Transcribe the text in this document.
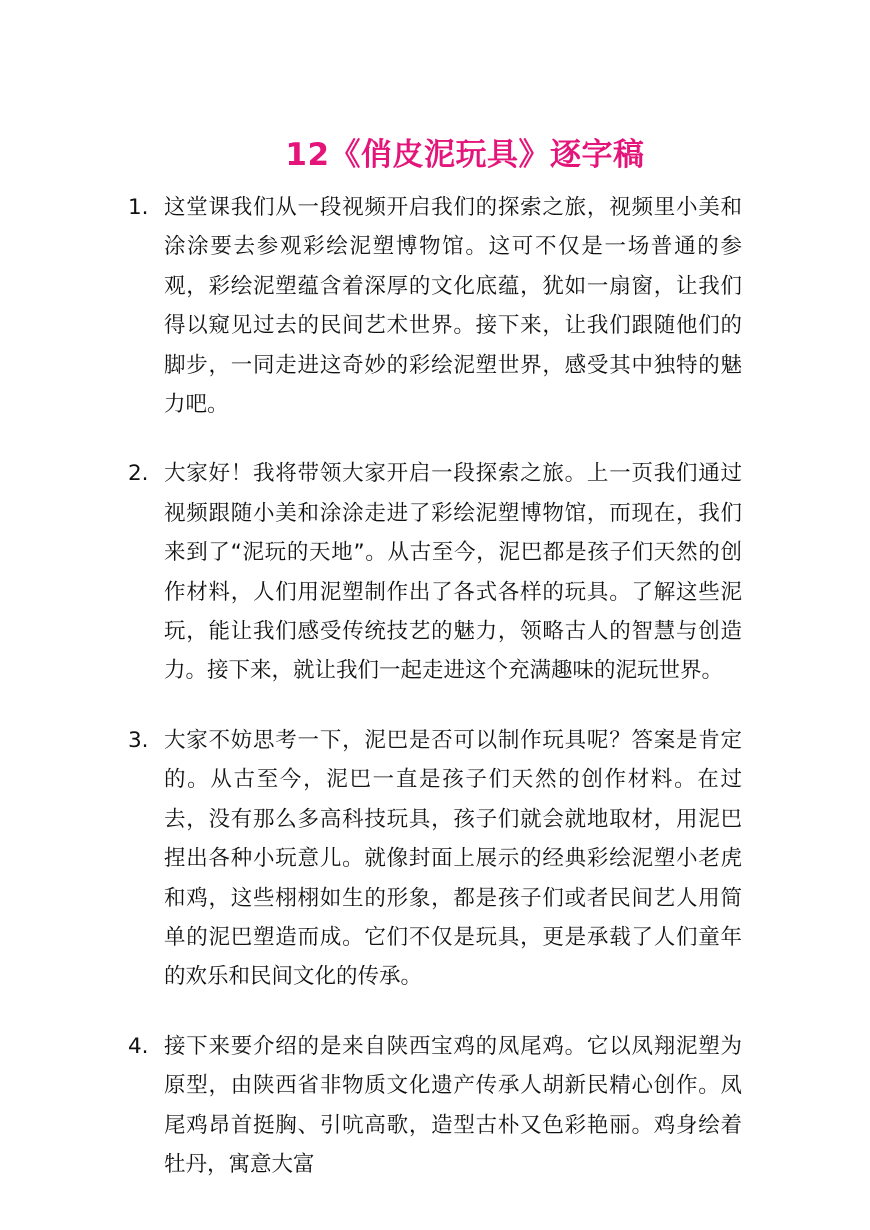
12《俏皮泥玩具》逐字稿
1. 这堂课我们从一段视频开启我们的探索之旅，视频里小美和涂涂要去参观彩绘泥塑博物馆。这可不仅是一场普通的参观，彩绘泥塑蕴含着深厚的文化底蕴，犹如一扇窗，让我们得以窥见过去的民间艺术世界。接下来，让我们跟随他们的脚步，一同走进这奇妙的彩绘泥塑世界，感受其中独特的魅力吧。
2. 大家好！我将带领大家开启一段探索之旅。上一页我们通过视频跟随小美和涂涂走进了彩绘泥塑博物馆，而现在，我们来到了“泥玩的天地”。从古至今，泥巴都是孩子们天然的创作材料，人们用泥塑制作出了各式各样的玩具。了解这些泥玩，能让我们感受传统技艺的魅力，领略古人的智慧与创造力。接下来，就让我们一起走进这个充满趣味的泥玩世界。
3. 大家不妨思考一下，泥巴是否可以制作玩具呢？答案是肯定的。从古至今，泥巴一直是孩子们天然的创作材料。在过去，没有那么多高科技玩具，孩子们就会就地取材，用泥巴捏出各种小玩意儿。就像封面上展示的经典彩绘泥塑小老虎和鸡，这些栩栩如生的形象，都是孩子们或者民间艺人用简单的泥巴塑造而成。它们不仅是玩具，更是承载了人们童年的欢乐和民间文化的传承。
4. 接下来要介绍的是来自陕西宝鸡的凤尾鸡。它以凤翔泥塑为原型，由陕西省非物质文化遗产传承人胡新民精心创作。凤尾鸡昂首挺胸、引吭高歌，造型古朴又色彩艳丽。鸡身绘着牡丹，寓意大富
